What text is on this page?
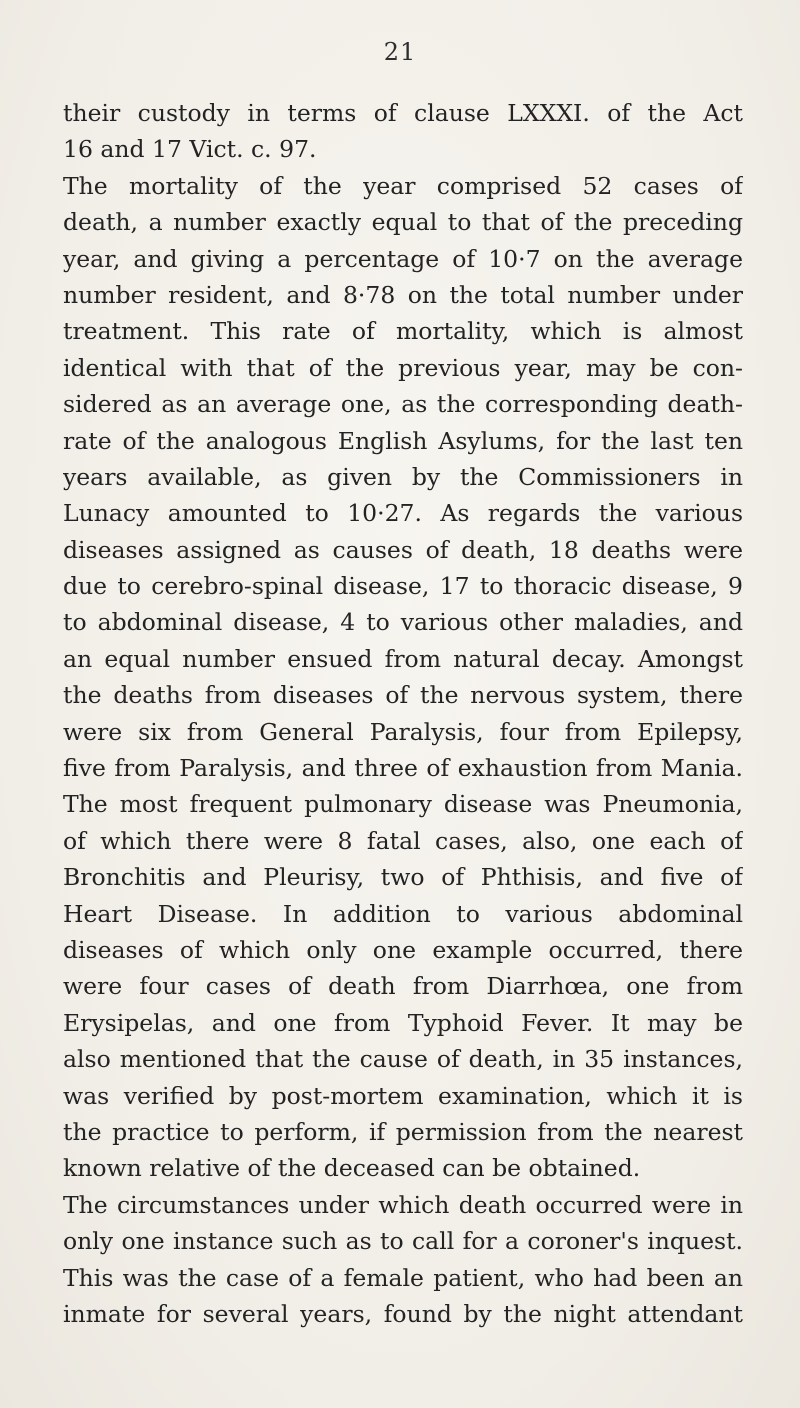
21
their custody in terms of clause LXXXI. of the Act
16 and 17 Vict. c. 97.
The mortality of the year comprised 52 cases of
death, a number exactly equal to that of the preceding
year, and giving a percentage of 10·7 on the average
number resident, and 8·78 on the total number under
treatment. This rate of mortality, which is almost
identical with that of the previous year, may be con-
sidered as an average one, as the corresponding death-
rate of the analogous English Asylums, for the last ten
years available, as given by the Commissioners in
Lunacy amounted to 10·27. As regards the various
diseases assigned as causes of death, 18 deaths were
due to cerebro-spinal disease, 17 to thoracic disease, 9
to abdominal disease, 4 to various other maladies, and
an equal number ensued from natural decay. Amongst
the deaths from diseases of the nervous system, there
were six from General Paralysis, four from Epilepsy,
five from Paralysis, and three of exhaustion from Mania.
The most frequent pulmonary disease was Pneumonia,
of which there were 8 fatal cases, also, one each of
Bronchitis and Pleurisy, two of Phthisis, and five of
Heart Disease. In addition to various abdominal
diseases of which only one example occurred, there
were four cases of death from Diarrhœa, one from
Erysipelas, and one from Typhoid Fever. It may be
also mentioned that the cause of death, in 35 instances,
was verified by post-mortem examination, which it is
the practice to perform, if permission from the nearest
known relative of the deceased can be obtained.
The circumstances under which death occurred were in
only one instance such as to call for a coroner's inquest.
This was the case of a female patient, who had been an
inmate for several years, found by the night attendant
